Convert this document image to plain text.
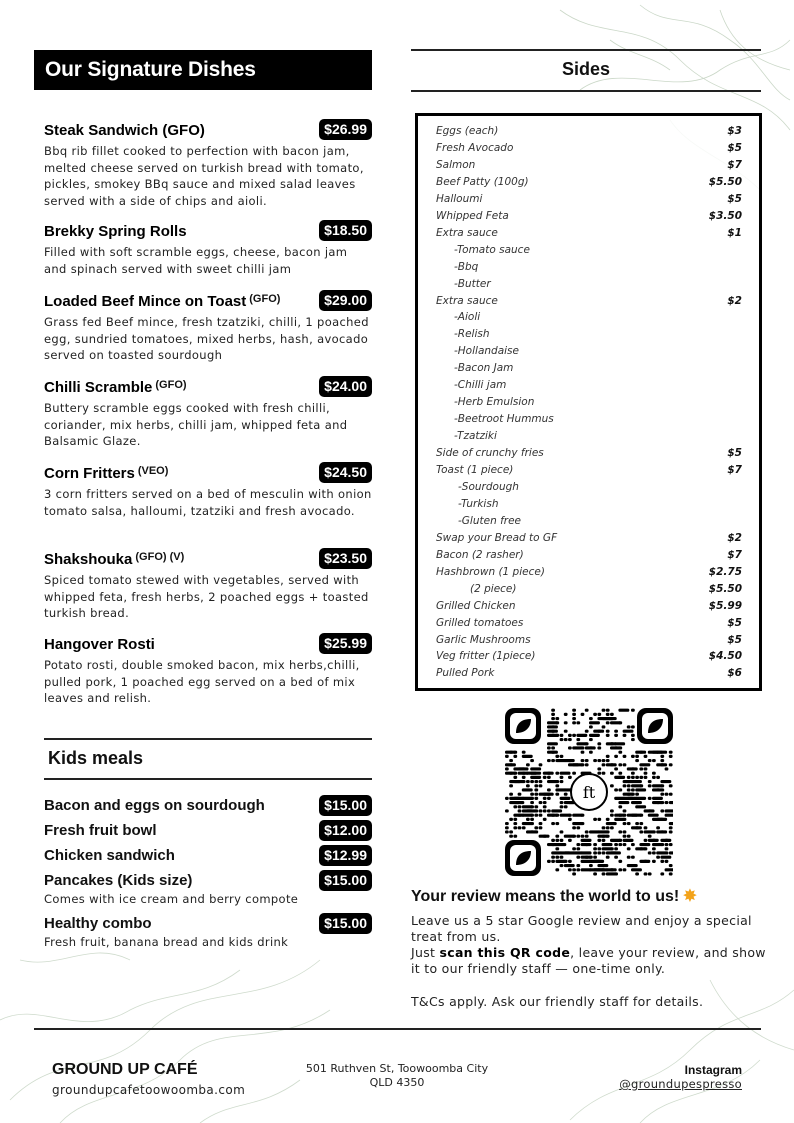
Our Signature Dishes
Steak Sandwich (GFO)	$26.99
Bbq rib fillet cooked to perfection with bacon jam, melted cheese served on turkish bread with tomato, pickles, smokey BBq sauce and mixed salad leaves served with a side of chips and aioli.
Brekky Spring Rolls	$18.50
Filled with soft scramble eggs, cheese, bacon jam and spinach served with sweet chilli jam
Loaded Beef Mince on Toast $^{(GFO)}$	$29.00
Grass fed Beef mince, fresh tzatziki, chilli, 1 poached egg, sundried tomatoes, mixed herbs, hash, avocado served on toasted sourdough
Chilli Scramble $^{(GFO)}$	$24.00
Buttery scramble eggs cooked with fresh chilli, coriander, mix herbs, chilli jam, whipped feta and Balsamic Glaze.
Corn Fritters $^{(VEO)}$	$24.50
3 corn fritters served on a bed of mesculin with onion tomato salsa, halloumi, tzatziki and fresh avocado.
Shakshouka $^{(GFO) (V)}$	$23.50
Spiced tomato stewed with vegetables, served with whipped feta, fresh herbs, 2 poached eggs + toasted turkish bread.
Hangover Rosti	$25.99
Potato rosti, double smoked bacon, mix herbs,chilli, pulled pork, 1 poached egg served on a bed of mix leaves and relish.
Kids meals
Bacon and eggs on sourdough	$15.00
Fresh fruit bowl	$12.00
Chicken sandwich	$12.99
Pancakes (Kids size)	$15.00
Comes with ice cream and berry compote
Healthy combo	$15.00
Fresh fruit, banana bread and kids drink
Sides
Eggs (each)	$3
Fresh Avocado	$5
Salmon	$7
Beef Patty (100g)	$5.50
Halloumi	$5
Whipped Feta	$3.50
Extra sauce	$1
-Tomato sauce
-Bbq
-Butter
Extra sauce	$2
-Aioli
-Relish
-Hollandaise
-Bacon Jam
-Chilli jam
-Herb Emulsion
-Beetroot Hummus
-Tzatziki
Side of crunchy fries	$5
Toast (1 piece)	$7
-Sourdough
-Turkish
-Gluten free
Swap your Bread to GF	$2
Bacon (2 rasher)	$7
Hashbrown (1 piece)	$2.75
(2 piece)	$5.50
Grilled Chicken	$5.99
Grilled tomatoes	$5
Garlic Mushrooms	$5
Veg fritter (1piece)	$4.50
Pulled Pork	$6
ft
Your review means the world to us! ✸
Leave us a 5 star Google review and enjoy a special treat from us.
Just scan this QR code, leave your review, and show it to our friendly staff — one-time only.
T&Cs apply. Ask our friendly staff for details.
GROUND UP CAFÉ
groundupcafetoowoomba.com
501 Ruthven St, Toowoomba City
QLD 4350
Instagram
@groundupespresso
